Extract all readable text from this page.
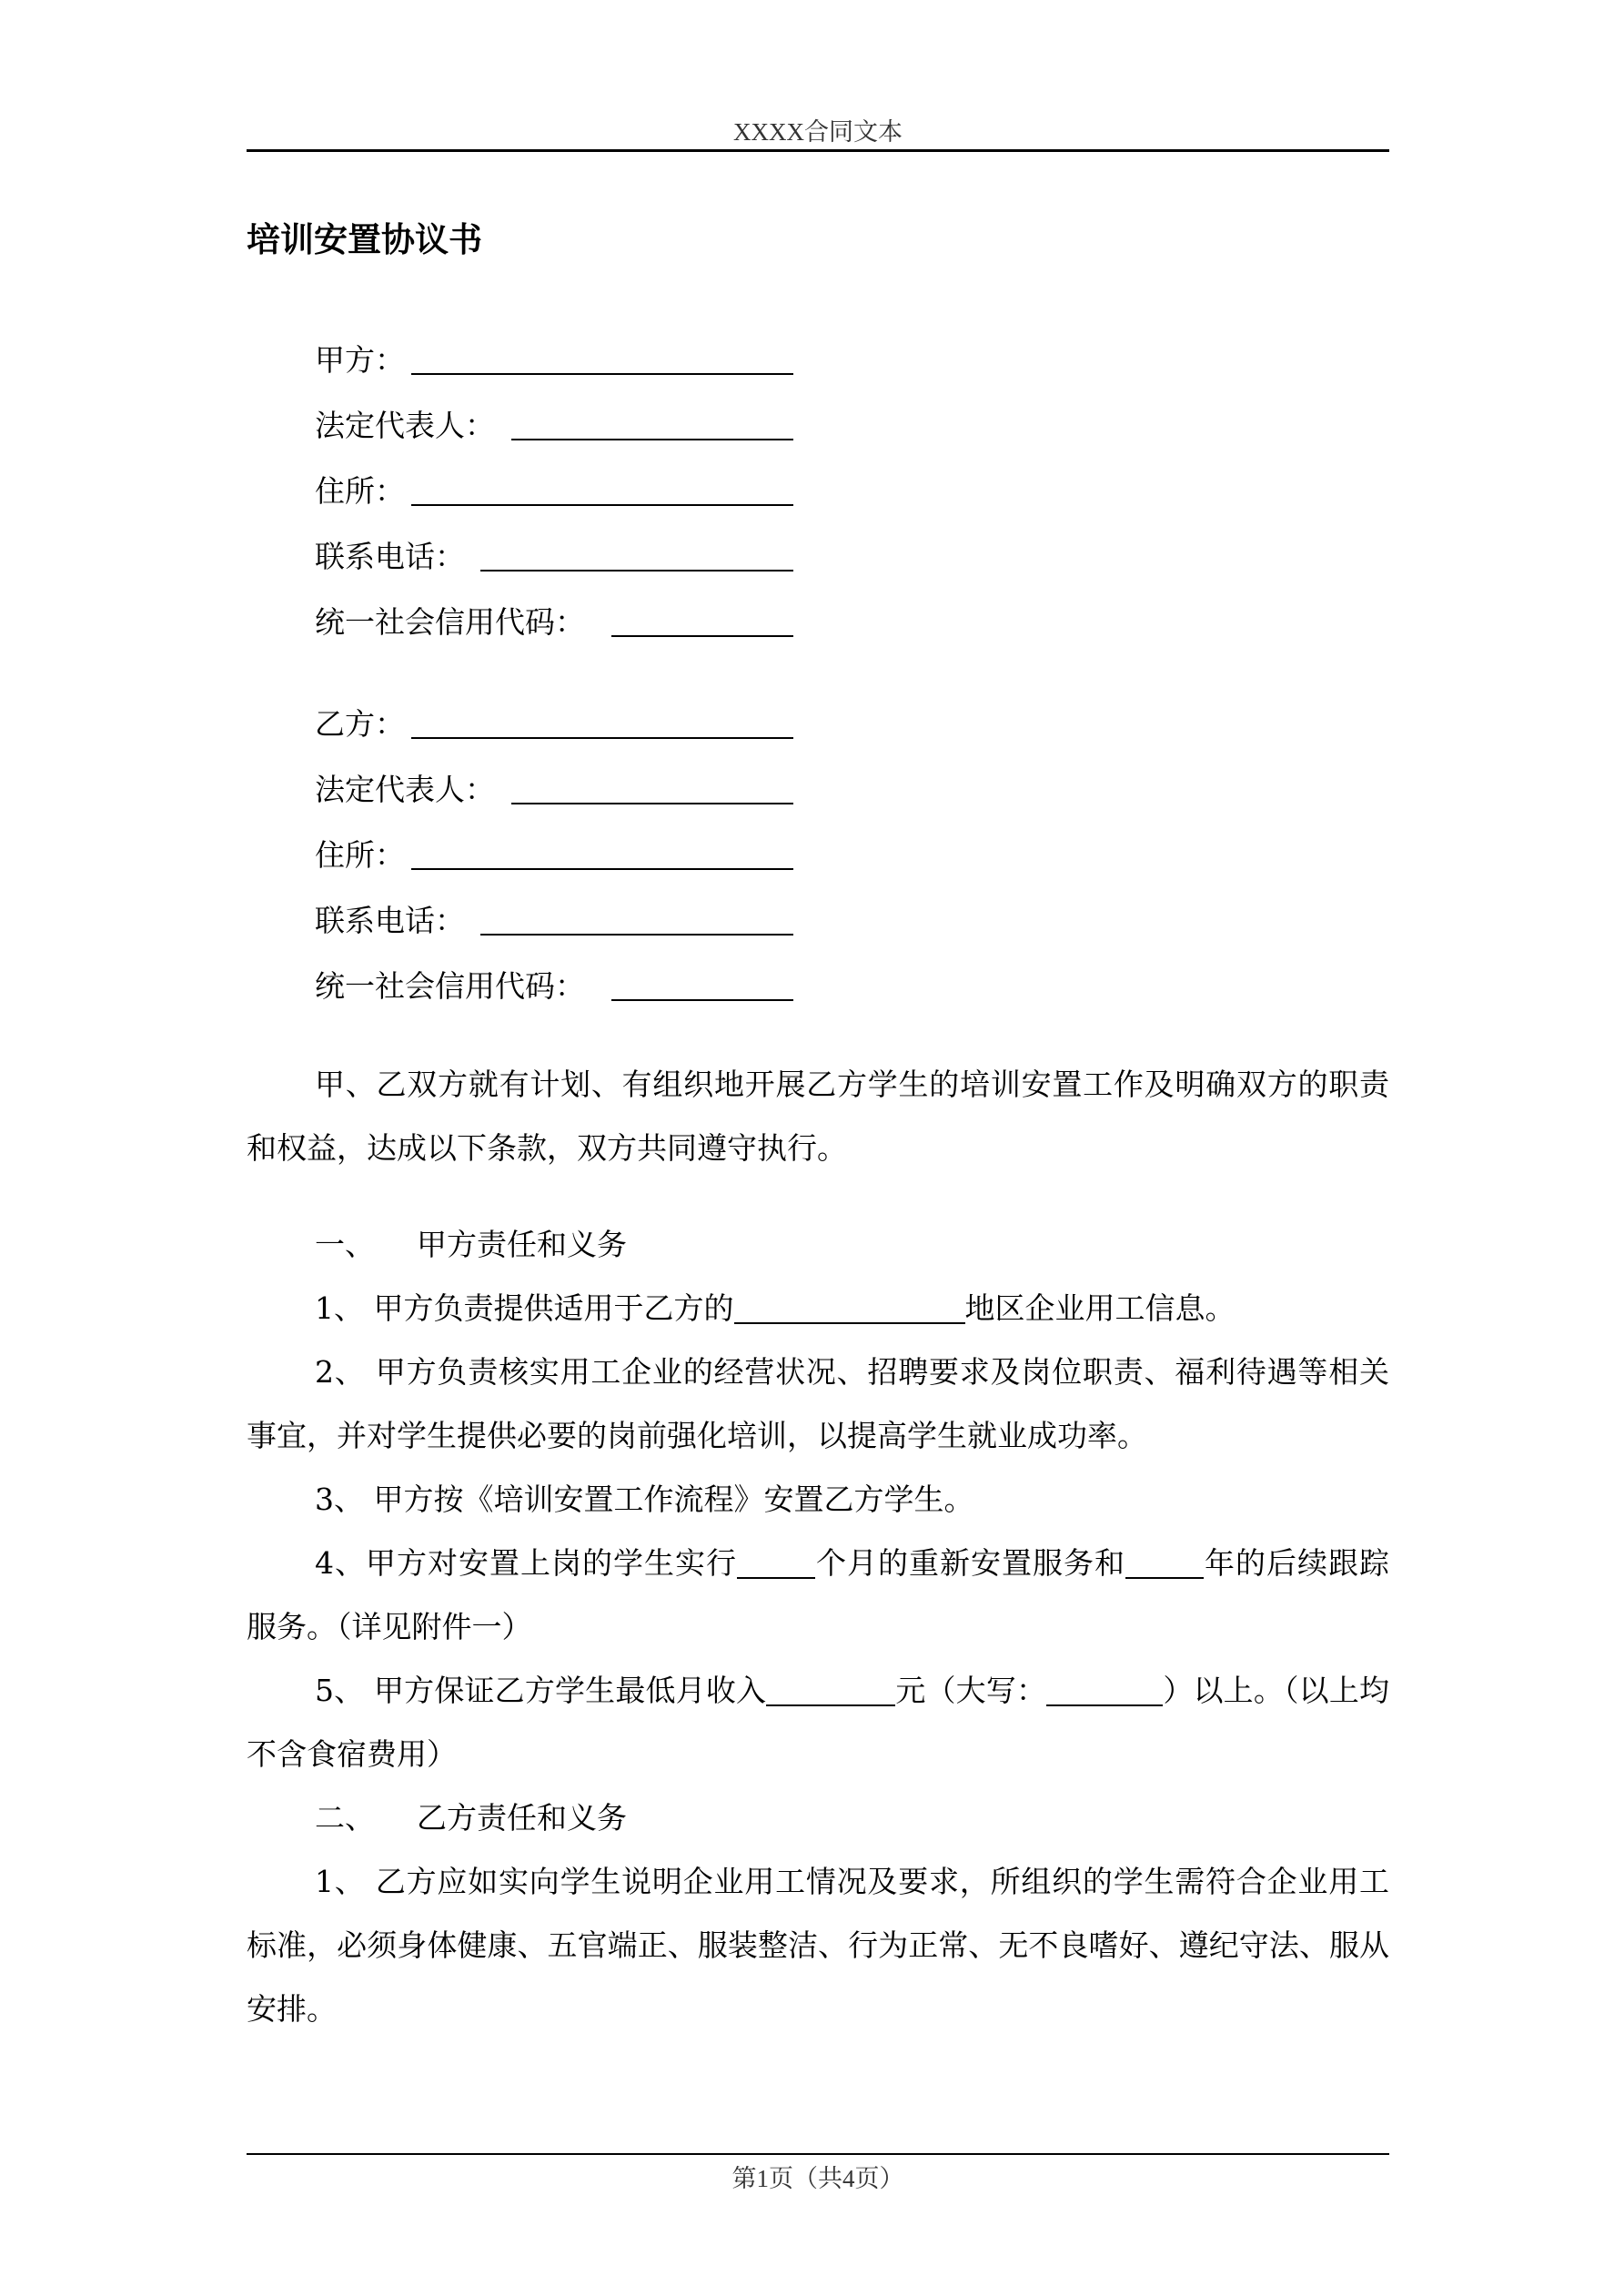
XXXX合同文本
培训安置协议书
甲方：
法定代表人：
住所：
联系电话：
统一社会信用代码：
乙方：
法定代表人：
住所：
联系电话：
统一社会信用代码：

甲、乙双方就有计划、有组织地开展乙方学生的培训安置工作及明确双方的职责和权益，达成以下条款，双方共同遵守执行。

一、 甲方责任和义务

1、 甲方负责提供适用于乙方的	地区企业用工信息。

2、 甲方负责核实用工企业的经营状况、招聘要求及岗位职责、福利待遇等相关事宜，并对学生提供必要的岗前强化培训，以提高学生就业成功率。

3、 甲方按《培训安置工作流程》安置乙方学生。

4、甲方对安置上岗的学生实行	个月的重新安置服务和	年的后续跟踪服务。（详见附件一）

5、 甲方保证乙方学生最低月收入	元（大写：	）以上。（以上均不含食宿费用）

二、 乙方责任和义务

1、 乙方应如实向学生说明企业用工情况及要求，所组织的学生需符合企业用工标准，必须身体健康、五官端正、服装整洁、行为正常、无不良嗜好、遵纪守法、服从安排。

第1页（共4页）
